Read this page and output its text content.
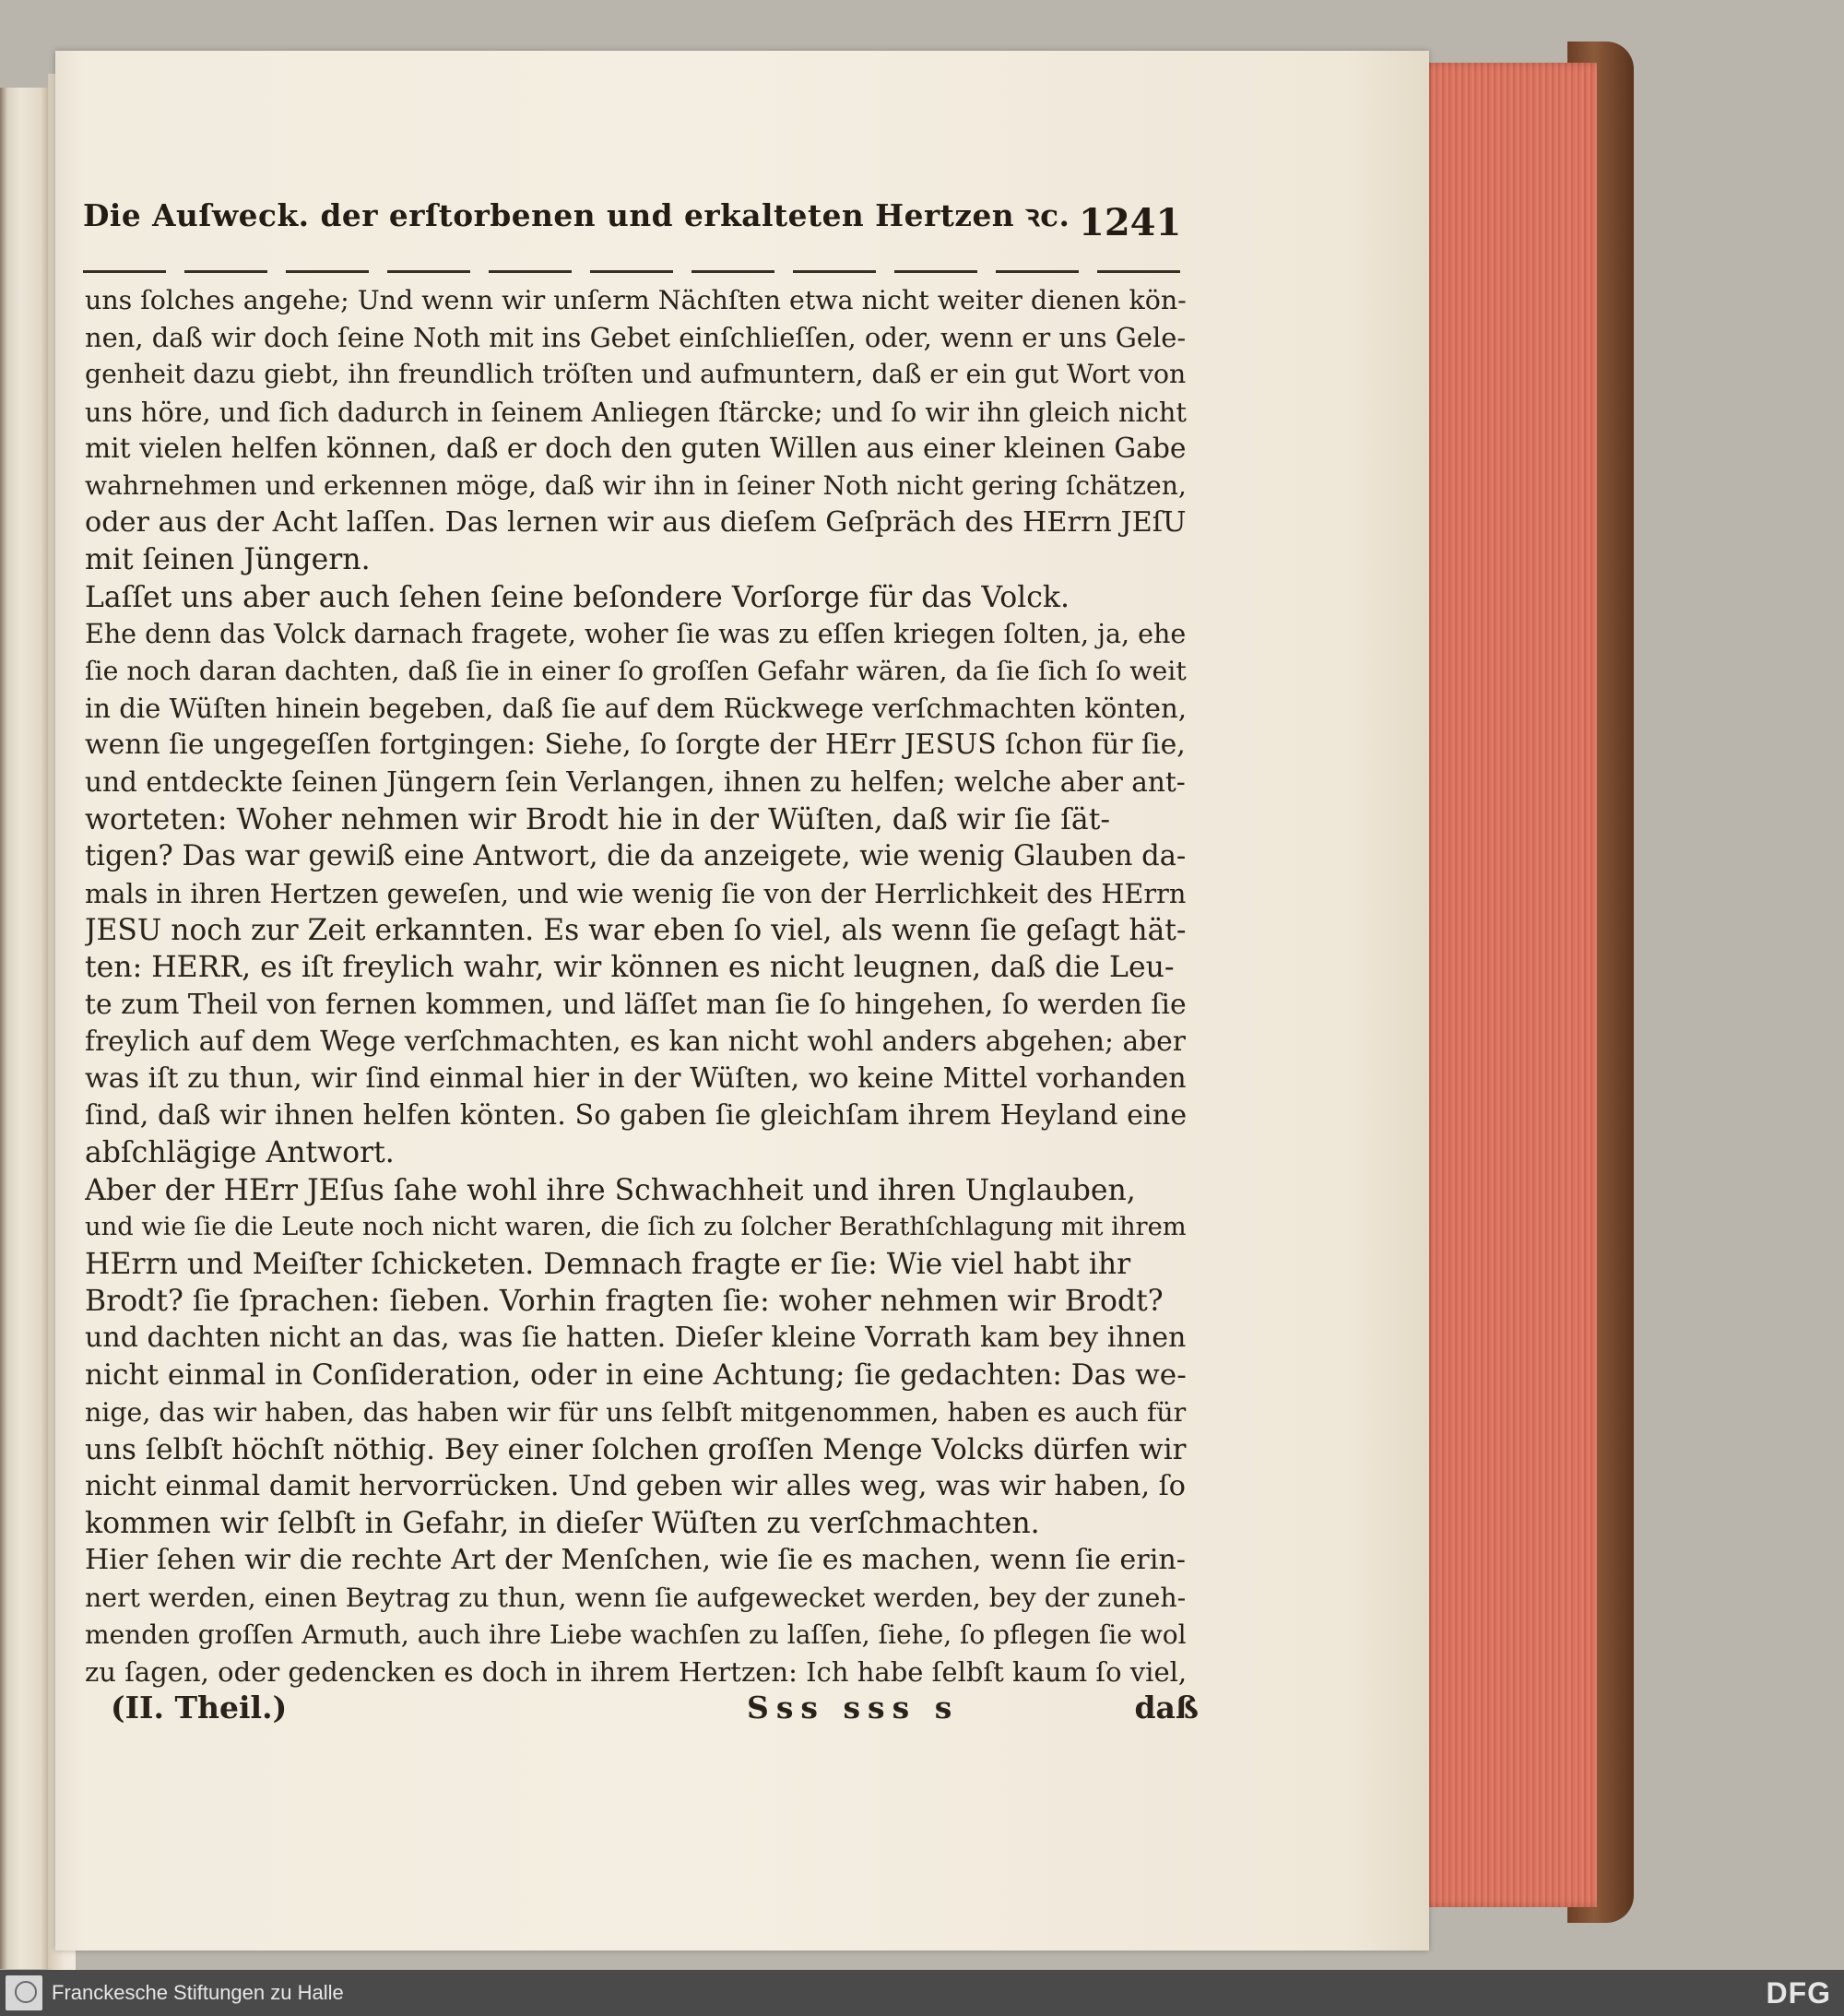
Die Auſweck. der erſtorbenen und erkalteten Hertzen ꝛc. 1241
uns ſolches angehe; Und wenn wir unſerm Nächſten etwa nicht weiter dienen kön-
nen, daß wir doch ſeine Noth mit ins Gebet einſchlieſſen, oder, wenn er uns Gele-
genheit dazu giebt, ihn freundlich tröſten und aufmuntern, daß er ein gut Wort von
uns höre, und ſich dadurch in ſeinem Anliegen ſtärcke; und ſo wir ihn gleich nicht
mit vielen helfen können, daß er doch den guten Willen aus einer kleinen Gabe
wahrnehmen und erkennen möge, daß wir ihn in ſeiner Noth nicht gering ſchätzen,
oder aus der Acht laſſen. Das lernen wir aus dieſem Geſpräch des HErrn JEſU
mit ſeinen Jüngern.
Laſſet uns aber auch ſehen ſeine beſondere Vorſorge für das Volck.
Ehe denn das Volck darnach fragete, woher ſie was zu eſſen kriegen ſolten, ja, ehe
ſie noch daran dachten, daß ſie in einer ſo groſſen Gefahr wären, da ſie ſich ſo weit
in die Wüſten hinein begeben, daß ſie auf dem Rückwege verſchmachten könten,
wenn ſie ungegeſſen fortgingen: Siehe, ſo ſorgte der HErr JESUS ſchon für ſie,
und entdeckte ſeinen Jüngern ſein Verlangen, ihnen zu helfen; welche aber ant-
worteten: Woher nehmen wir Brodt hie in der Wüſten, daß wir ſie ſät-
tigen? Das war gewiß eine Antwort, die da anzeigete, wie wenig Glauben da-
mals in ihren Hertzen geweſen, und wie wenig ſie von der Herrlichkeit des HErrn
JESU noch zur Zeit erkannten. Es war eben ſo viel, als wenn ſie geſagt hät-
ten: HERR, es iſt freylich wahr, wir können es nicht leugnen, daß die Leu-
te zum Theil von fernen kommen, und läſſet man ſie ſo hingehen, ſo werden ſie
freylich auf dem Wege verſchmachten, es kan nicht wohl anders abgehen; aber
was iſt zu thun, wir ſind einmal hier in der Wüſten, wo keine Mittel vorhanden
ſind, daß wir ihnen helfen könten. So gaben ſie gleichſam ihrem Heyland eine
abſchlägige Antwort.
Aber der HErr JEſus ſahe wohl ihre Schwachheit und ihren Unglauben,
und wie ſie die Leute noch nicht waren, die ſich zu ſolcher Berathſchlagung mit ihrem
HErrn und Meiſter ſchicketen. Demnach fragte er ſie: Wie viel habt ihr
Brodt? ſie ſprachen: ſieben. Vorhin fragten ſie: woher nehmen wir Brodt?
und dachten nicht an das, was ſie hatten. Dieſer kleine Vorrath kam bey ihnen
nicht einmal in Conſideration, oder in eine Achtung; ſie gedachten: Das we-
nige, das wir haben, das haben wir für uns ſelbſt mitgenommen, haben es auch für
uns ſelbſt höchſt nöthig. Bey einer ſolchen groſſen Menge Volcks dürfen wir
nicht einmal damit hervorrücken. Und geben wir alles weg, was wir haben, ſo
kommen wir ſelbſt in Gefahr, in dieſer Wüſten zu verſchmachten.
Hier ſehen wir die rechte Art der Menſchen, wie ſie es machen, wenn ſie erin-
nert werden, einen Beytrag zu thun, wenn ſie aufgewecket werden, bey der zuneh-
menden groſſen Armuth, auch ihre Liebe wachſen zu laſſen, ſiehe, ſo pflegen ſie wol
zu ſagen, oder gedencken es doch in ihrem Hertzen: Ich habe ſelbſt kaum ſo viel,
(II. Theil.)	Sss sss s	daß
Franckesche Stiftungen zu Halle	DFG
